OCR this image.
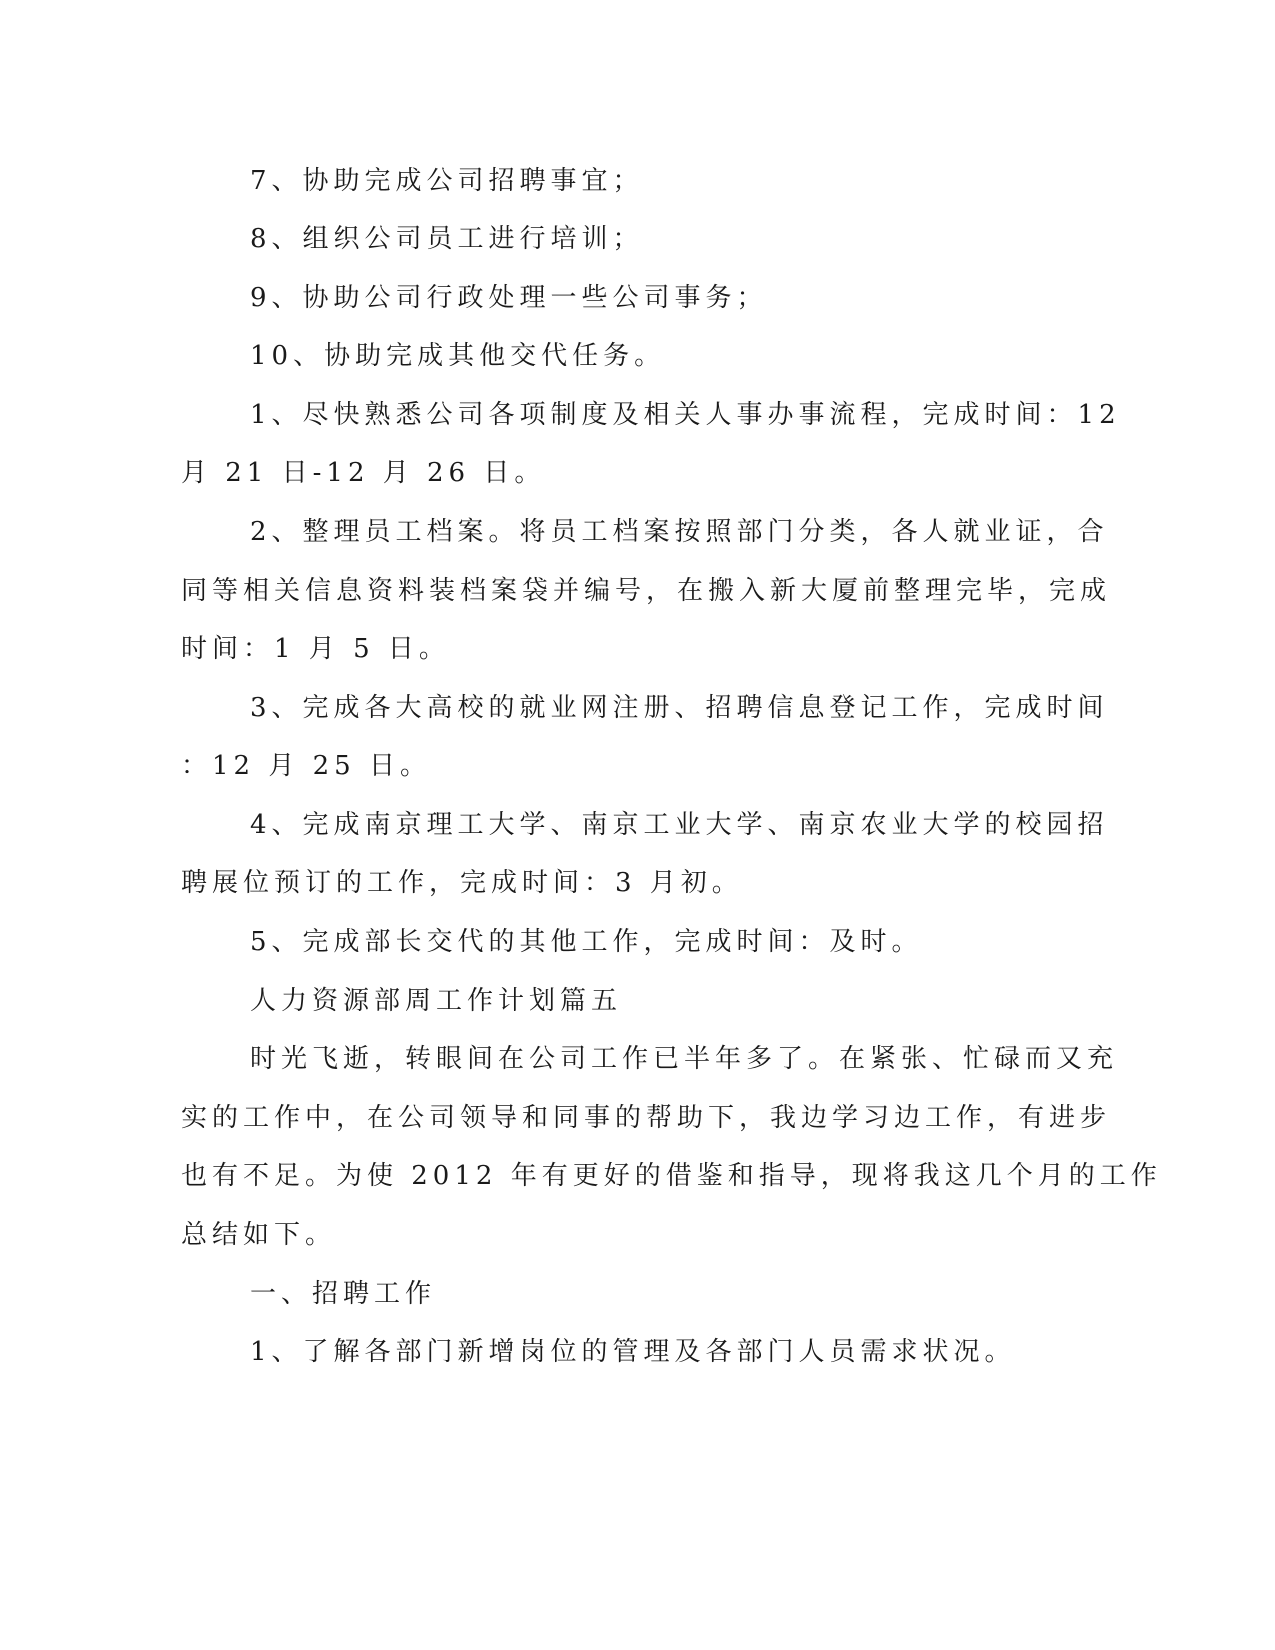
7、协助完成公司招聘事宜；
8、组织公司员工进行培训；
9、协助公司行政处理一些公司事务；
10、协助完成其他交代任务。
1、尽快熟悉公司各项制度及相关人事办事流程，完成时间：12
月 21 日-12 月 26 日。
2、整理员工档案。将员工档案按照部门分类，各人就业证，合
同等相关信息资料装档案袋并编号，在搬入新大厦前整理完毕，完成
时间：1 月 5 日。
3、完成各大高校的就业网注册、招聘信息登记工作，完成时间
：12 月 25 日。
4、完成南京理工大学、南京工业大学、南京农业大学的校园招
聘展位预订的工作，完成时间：3 月初。
5、完成部长交代的其他工作，完成时间：及时。
人力资源部周工作计划篇五
时光飞逝，转眼间在公司工作已半年多了。在紧张、忙碌而又充
实的工作中，在公司领导和同事的帮助下，我边学习边工作，有进步
也有不足。为使 2012 年有更好的借鉴和指导，现将我这几个月的工作
总结如下。
一、招聘工作
1、了解各部门新增岗位的管理及各部门人员需求状况。
